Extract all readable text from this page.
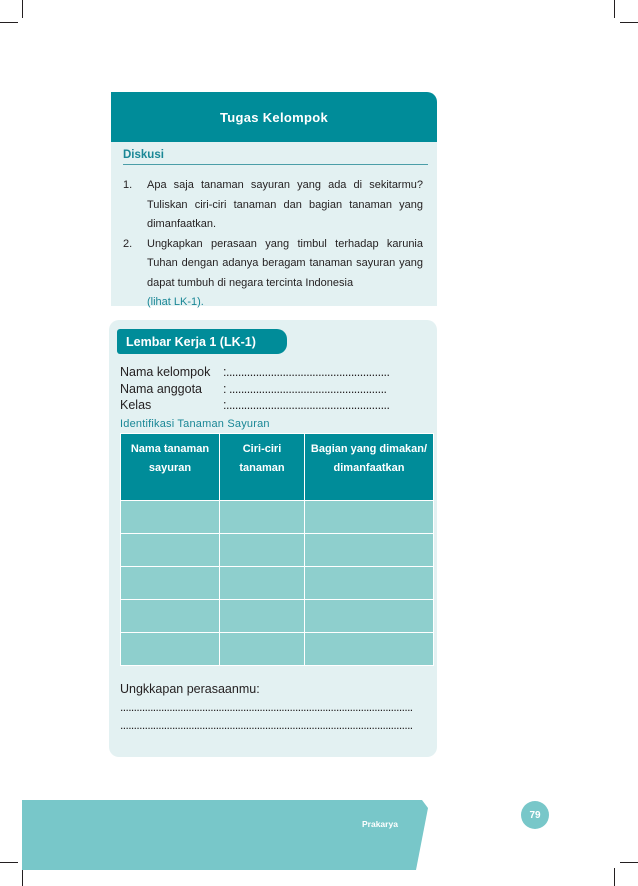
Tugas Kelompok
Diskusi
1.	Apa saja tanaman sayuran yang ada di sekitarmu? Tuliskan ciri-ciri tanaman dan bagian tanaman yang dimanfaatkan.
2.	Ungkapkan perasaan yang timbul terhadap karunia Tuhan dengan adanya beragam tanaman sayuran yang dapat tumbuh di negara tercinta Indonesia
(lihat LK-1).
Lembar Kerja 1 (LK-1)
Nama kelompok	:.......................................................
Nama anggota	: .....................................................
Kelas	:.......................................................
Identifikasi Tanaman Sayuran
Nama tanaman sayuran	Ciri-ciri tanaman	Bagian yang dimakan/ dimanfaatkan

Ungkkapan perasaanmu:
...........................................................................................................
...........................................................................................................
Prakarya
79
